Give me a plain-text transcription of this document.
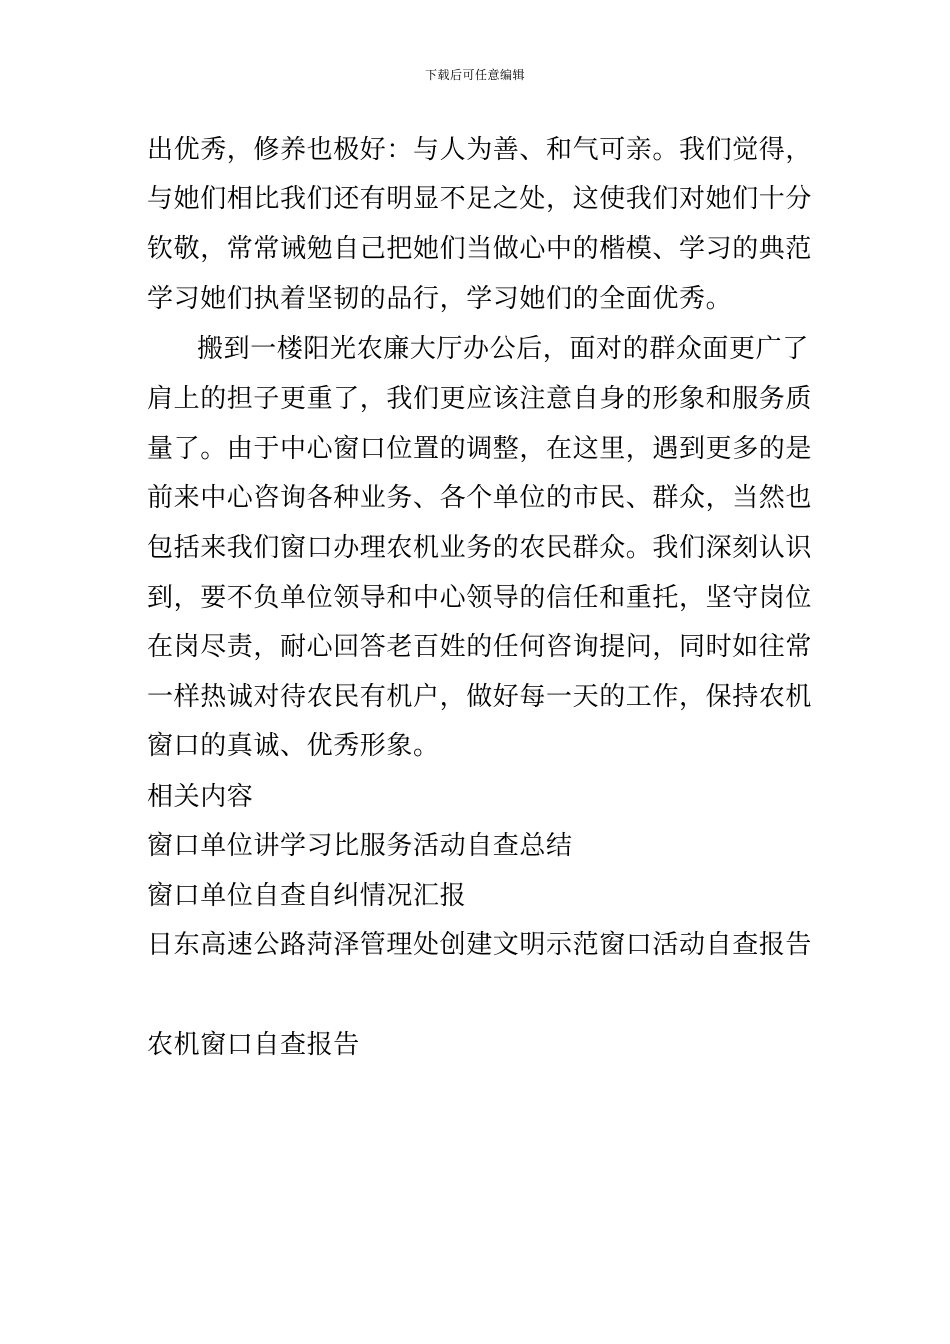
下载后可任意编辑
出优秀，修养也极好：与人为善、和气可亲。我们觉得，
与她们相比我们还有明显不足之处，这使我们对她们十分
钦敬，常常诫勉自己把她们当做心中的楷模、学习的典范
学习她们执着坚韧的品行，学习她们的全面优秀。
搬到一楼阳光农廉大厅办公后，面对的群众面更广了
肩上的担子更重了，我们更应该注意自身的形象和服务质
量了。由于中心窗口位置的调整，在这里，遇到更多的是
前来中心咨询各种业务、各个单位的市民、群众，当然也
包括来我们窗口办理农机业务的农民群众。我们深刻认识
到，要不负单位领导和中心领导的信任和重托，坚守岗位
在岗尽责，耐心回答老百姓的任何咨询提问，同时如往常
一样热诚对待农民有机户，做好每一天的工作，保持农机
窗口的真诚、优秀形象。
相关内容
窗口单位讲学习比服务活动自查总结
窗口单位自查自纠情况汇报
日东高速公路菏泽管理处创建文明示范窗口活动自查报告
农机窗口自查报告
